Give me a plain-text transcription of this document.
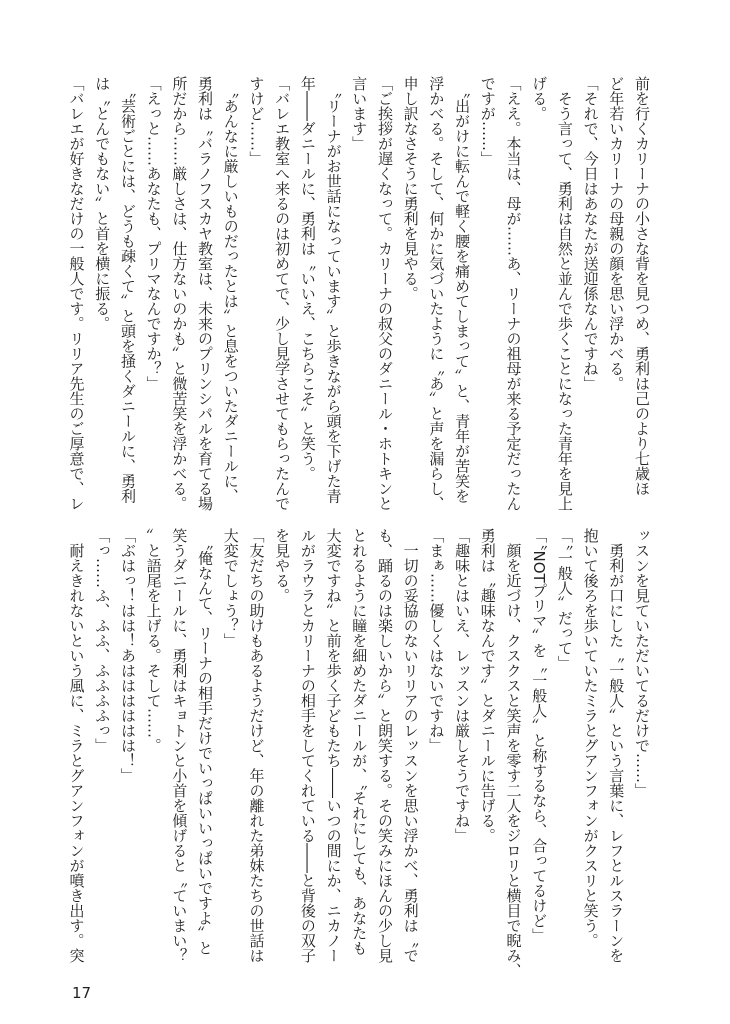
前を行くカリーナの小さな背を見つめ、勇利は己のより七歳ほ
ど年若いカリーナの母親の顔を思い浮かべる。
「それで、今日はあなたが送迎係なんですね」
　そう言って、勇利は自然と並んで歩くことになった青年を見上
げる。
「ええ。本当は、母が……あ、リーナの祖母が来る予定だったん
ですが……」
　〝出がけに転んで軽く腰を痛めてしまって〟と、青年が苦笑を
浮かべる。そして、何かに気づいたように〝あ〟と声を漏らし、
申し訳なさそうに勇利を見やる。
「ご挨拶が遅くなって。カリーナの叔父のダニール・ホトキンと
言います」
　〝リーナがお世話になっています〟と歩きながら頭を下げた青
年――ダニールに、勇利は〝いいえ、こちらこそ〟と笑う。
「バレエ教室へ来るのは初めてで、少し見学させてもらったんで
すけど……」
　〝あんなに厳しいものだったとは〟と息をついたダニールに、
勇利は〝バラノフスカヤ教室は、未来のプリンシパルを育てる場
所だから……厳しさは、仕方ないのかも〟と微苦笑を浮かべる。
「えっと……あなたも、プリマなんですか？」
　〝芸術ごとには、どうも疎くて〟と頭を掻くダニールに、勇利
は〝とんでもない〟と首を横に振る。
「バレエが好きなだけの一般人です。リリア先生のご厚意で、レ
ッスンを見ていただいてるだけで……」
　勇利が口にした〝一般人〟という言葉に、レフとルスラーンを
抱いて後ろを歩いていたミラとグアンフォンがクスリと笑う。
「〝一般人〟だって」
「〝NOTプリマ〟を〝一般人〟と称するなら、合ってるけど」
　顔を近づけ、クスクスと笑声を零す二人をジロリと横目で睨み、
勇利は〝趣味なんです〟とダニールに告げる。
「趣味とはいえ、レッスンは厳しそうですね」
「まぁ……優しくはないですね」
　一切の妥協のないリリアのレッスンを思い浮かべ、勇利は〝で
も、踊るのは楽しいから〟と朗笑する。その笑みにほんの少し見
とれるように瞳を細めたダニールが、〝それにしても、あなたも
大変ですね〟と前を歩く子どもたち――いつの間にか、ニカノー
ルがラウラとカリーナの相手をしてくれている――と背後の双子
を見やる。
「友だちの助けもあるようだけど、年の離れた弟妹たちの世話は
大変でしょう？」
　〝俺なんて、リーナの相手だけでいっぱいいっぱいですよ〟と
笑うダニールに、勇利はキョトンと小首を傾げると〝ていまい？
〟と語尾を上げる。そして……。
「ぶはっ！はは！あはははははは！」
「っ……ふ、ふふ、ふふふふっ」
　耐えきれないという風に、ミラとグアンフォンが噴き出す。突
17
